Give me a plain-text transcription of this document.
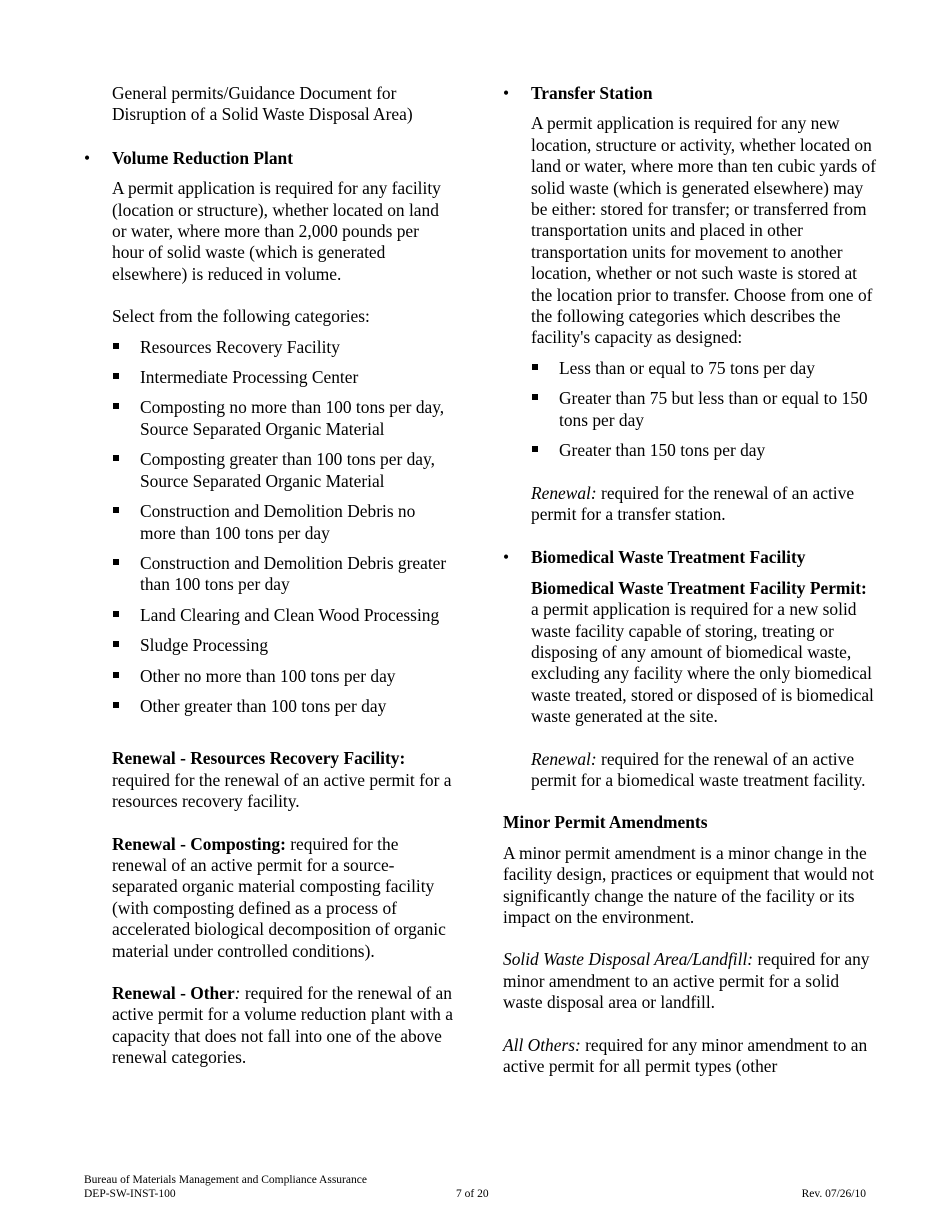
General permits/Guidance Document for Disruption of a Solid Waste Disposal Area)

• Volume Reduction Plant

A permit application is required for any facility (location or structure), whether located on land or water, where more than 2,000 pounds per hour of solid waste (which is generated elsewhere) is reduced in volume.

Select from the following categories:

Resources Recovery Facility
Intermediate Processing Center
Composting no more than 100 tons per day, Source Separated Organic Material
Composting greater than 100 tons per day, Source Separated Organic Material
Construction and Demolition Debris no more than 100 tons per day
Construction and Demolition Debris greater than 100 tons per day
Land Clearing and Clean Wood Processing
Sludge Processing
Other no more than 100 tons per day
Other greater than 100 tons per day

Renewal - Resources Recovery Facility: required for the renewal of an active permit for a resources recovery facility.

Renewal - Composting: required for the renewal of an active permit for a source-separated organic material composting facility (with composting defined as a process of accelerated biological decomposition of organic material under controlled conditions).

Renewal - Other: required for the renewal of an active permit for a volume reduction plant with a capacity that does not fall into one of the above renewal categories.

• Transfer Station

A permit application is required for any new location, structure or activity, whether located on land or water, where more than ten cubic yards of solid waste (which is generated elsewhere) may be either: stored for transfer; or transferred from transportation units and placed in other transportation units for movement to another location, whether or not such waste is stored at the location prior to transfer. Choose from one of the following categories which describes the facility's capacity as designed:

Less than or equal to 75 tons per day
Greater than 75 but less than or equal to 150 tons per day
Greater than 150 tons per day

Renewal: required for the renewal of an active permit for a transfer station.

• Biomedical Waste Treatment Facility

Biomedical Waste Treatment Facility Permit: a permit application is required for a new solid waste facility capable of storing, treating or disposing of any amount of biomedical waste, excluding any facility where the only biomedical waste treated, stored or disposed of is biomedical waste generated at the site.

Renewal: required for the renewal of an active permit for a biomedical waste treatment facility.

Minor Permit Amendments

A minor permit amendment is a minor change in the facility design, practices or equipment that would not significantly change the nature of the facility or its impact on the environment.

Solid Waste Disposal Area/Landfill: required for any minor amendment to an active permit for a solid waste disposal area or landfill.

All Others: required for any minor amendment to an active permit for all permit types (other

Bureau of Materials Management and Compliance Assurance
DEP-SW-INST-100	7 of 20	Rev. 07/26/10
